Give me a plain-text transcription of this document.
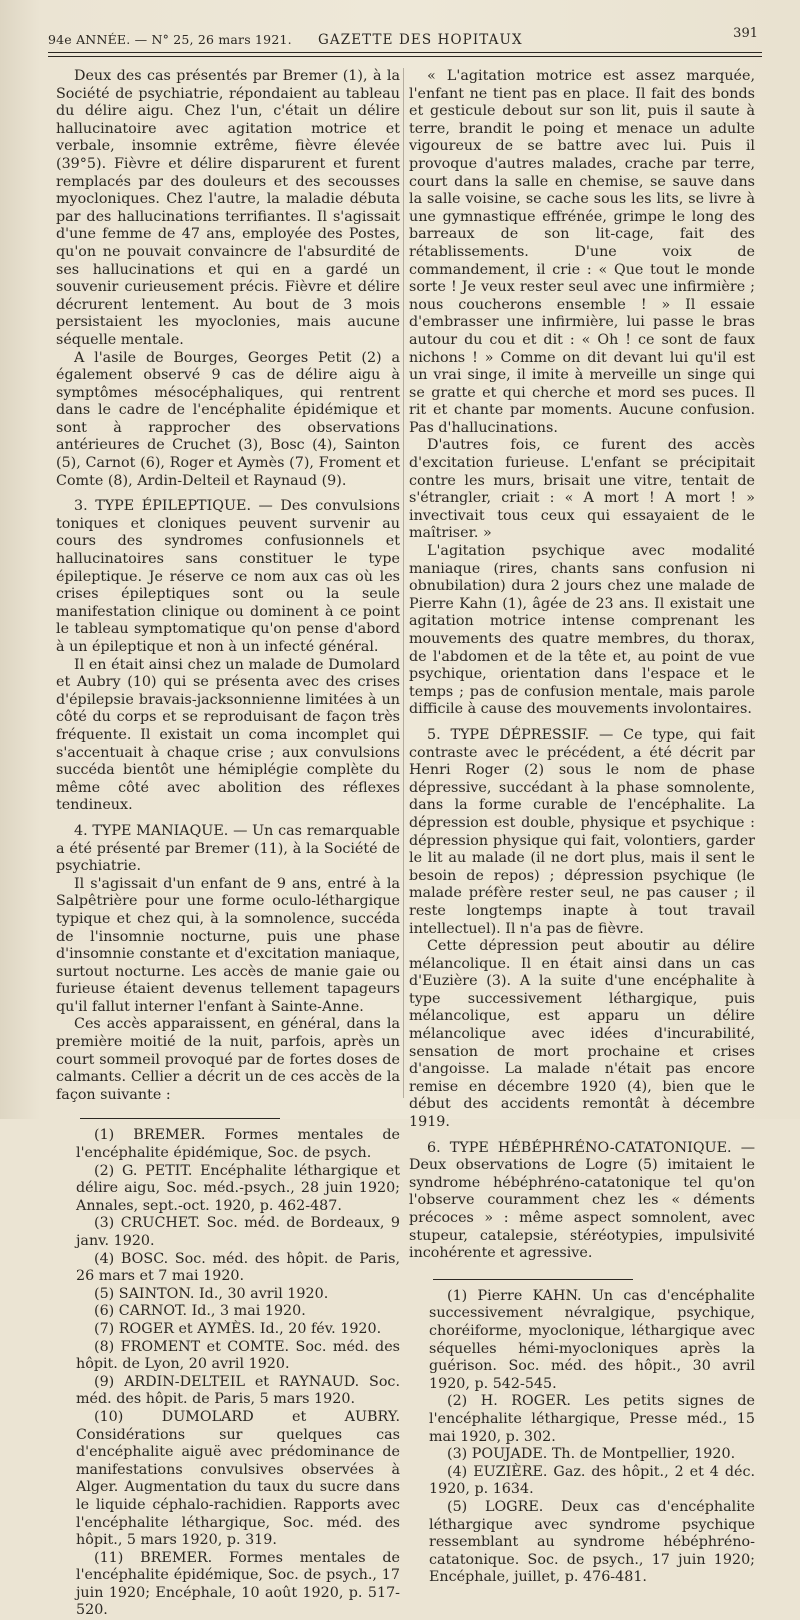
94e ANNÉE. — N° 25, 26 mars 1921. GAZETTE DES HOPITAUX	391

Deux des cas présentés par Bremer (1), à la Société de psychiatrie, répondaient au tableau du délire aigu. Chez l'un, c'était un délire hallucinatoire avec agitation motrice et verbale, insomnie extrême, fièvre élevée (39°5). Fièvre et délire disparurent et furent remplacés par des douleurs et des secousses myocloniques. Chez l'autre, la maladie débuta par des hallucinations terrifiantes. Il s'agissait d'une femme de 47 ans, employée des Postes, qu'on ne pouvait convaincre de l'absurdité de ses hallucinations et qui en a gardé un souvenir curieusement précis. Fièvre et délire décrurent lentement. Au bout de 3 mois persistaient les myoclonies, mais aucune séquelle mentale.

A l'asile de Bourges, Georges Petit (2) a également observé 9 cas de délire aigu à symptômes mésocéphaliques, qui rentrent dans le cadre de l'encéphalite épidémique et sont à rapprocher des observations antérieures de Cruchet (3), Bosc (4), Sainton (5), Carnot (6), Roger et Aymès (7), Froment et Comte (8), Ardin-Delteil et Raynaud (9).

3. TYPE ÉPILEPTIQUE. — Des convulsions toniques et cloniques peuvent survenir au cours des syndromes confusionnels et hallucinatoires sans constituer le type épileptique. Je réserve ce nom aux cas où les crises épileptiques sont ou la seule manifestation clinique ou dominent à ce point le tableau symptomatique qu'on pense d'abord à un épileptique et non à un infecté général.

Il en était ainsi chez un malade de Dumolard et Aubry (10) qui se présenta avec des crises d'épilepsie bravais-jacksonnienne limitées à un côté du corps et se reproduisant de façon très fréquente. Il existait un coma incomplet qui s'accentuait à chaque crise ; aux convulsions succéda bientôt une hémiplégie complète du même côté avec abolition des réflexes tendineux.

4. TYPE MANIAQUE. — Un cas remarquable a été présenté par Bremer (11), à la Société de psychiatrie.

Il s'agissait d'un enfant de 9 ans, entré à la Salpêtrière pour une forme oculo-léthargique typique et chez qui, à la somnolence, succéda de l'insomnie nocturne, puis une phase d'insomnie constante et d'excitation maniaque, surtout nocturne. Les accès de manie gaie ou furieuse étaient devenus tellement tapageurs qu'il fallut interner l'enfant à Sainte-Anne.

Ces accès apparaissent, en général, dans la première moitié de la nuit, parfois, après un court sommeil provoqué par de fortes doses de calmants. Cellier a décrit un de ces accès de la façon suivante :

(1) BREMER. Formes mentales de l'encéphalite épidémique, Soc. de psych.

(2) G. PETIT. Encéphalite léthargique et délire aigu, Soc. méd.-psych., 28 juin 1920; Annales, sept.-oct. 1920, p. 462-487.

(3) CRUCHET. Soc. méd. de Bordeaux, 9 janv. 1920.

(4) BOSC. Soc. méd. des hôpit. de Paris, 26 mars et 7 mai 1920.

(5) SAINTON. Id., 30 avril 1920.

(6) CARNOT. Id., 3 mai 1920.

(7) ROGER et AYMÈS. Id., 20 fév. 1920.

(8) FROMENT et COMTE. Soc. méd. des hôpit. de Lyon, 20 avril 1920.

(9) ARDIN-DELTEIL et RAYNAUD. Soc. méd. des hôpit. de Paris, 5 mars 1920.

(10) DUMOLARD et AUBRY. Considérations sur quelques cas d'encéphalite aiguë avec prédominance de manifestations convulsives observées à Alger. Augmentation du taux du sucre dans le liquide céphalo-rachidien. Rapports avec l'encéphalite léthargique, Soc. méd. des hôpit., 5 mars 1920, p. 319.

(11) BREMER. Formes mentales de l'encéphalite épidémique, Soc. de psych., 17 juin 1920; Encéphale, 10 août 1920, p. 517-520.

« L'agitation motrice est assez marquée, l'enfant ne tient pas en place. Il fait des bonds et gesticule debout sur son lit, puis il saute à terre, brandit le poing et menace un adulte vigoureux de se battre avec lui. Puis il provoque d'autres malades, crache par terre, court dans la salle en chemise, se sauve dans la salle voisine, se cache sous les lits, se livre à une gymnastique effrénée, grimpe le long des barreaux de son lit-cage, fait des rétablissements. D'une voix de commandement, il crie : « Que tout le monde sorte ! Je veux rester seul avec une infirmière ; nous coucherons ensemble ! » Il essaie d'embrasser une infirmière, lui passe le bras autour du cou et dit : « Oh ! ce sont de faux nichons ! » Comme on dit devant lui qu'il est un vrai singe, il imite à merveille un singe qui se gratte et qui cherche et mord ses puces. Il rit et chante par moments. Aucune confusion. Pas d'hallucinations.

D'autres fois, ce furent des accès d'excitation furieuse. L'enfant se précipitait contre les murs, brisait une vitre, tentait de s'étrangler, criait : « A mort ! A mort ! » invectivait tous ceux qui essayaient de le maîtriser. »

L'agitation psychique avec modalité maniaque (rires, chants sans confusion ni obnubilation) dura 2 jours chez une malade de Pierre Kahn (1), âgée de 23 ans. Il existait une agitation motrice intense comprenant les mouvements des quatre membres, du thorax, de l'abdomen et de la tête et, au point de vue psychique, orientation dans l'espace et le temps ; pas de confusion mentale, mais parole difficile à cause des mouvements involontaires.

5. TYPE DÉPRESSIF. — Ce type, qui fait contraste avec le précédent, a été décrit par Henri Roger (2) sous le nom de phase dépressive, succédant à la phase somnolente, dans la forme curable de l'encéphalite. La dépression est double, physique et psychique : dépression physique qui fait, volontiers, garder le lit au malade (il ne dort plus, mais il sent le besoin de repos) ; dépression psychique (le malade préfère rester seul, ne pas causer ; il reste longtemps inapte à tout travail intellectuel). Il n'a pas de fièvre.

Cette dépression peut aboutir au délire mélancolique. Il en était ainsi dans un cas d'Euzière (3). A la suite d'une encéphalite à type successivement léthargique, puis mélancolique, est apparu un délire mélancolique avec idées d'incurabilité, sensation de mort prochaine et crises d'angoisse. La malade n'était pas encore remise en décembre 1920 (4), bien que le début des accidents remontât à décembre 1919.

6. TYPE HÉBÉPHRÉNO-CATATONIQUE. — Deux observations de Logre (5) imitaient le syndrome hébéphréno-catatonique tel qu'on l'observe couramment chez les « déments précoces » : même aspect somnolent, avec stupeur, catalepsie, stéréotypies, impulsivité incohérente et agressive.

(1) Pierre KAHN. Un cas d'encéphalite successivement névralgique, psychique, choréiforme, myoclonique, léthargique avec séquelles hémi-myocloniques après la guérison. Soc. méd. des hôpit., 30 avril 1920, p. 542-545.

(2) H. ROGER. Les petits signes de l'encéphalite léthargique, Presse méd., 15 mai 1920, p. 302.

(3) POUJADE. Th. de Montpellier, 1920.

(4) EUZIÈRE. Gaz. des hôpit., 2 et 4 déc. 1920, p. 1634.

(5) LOGRE. Deux cas d'encéphalite léthargique avec syndrome psychique ressemblant au syndrome hébéphréno-catatonique. Soc. de psych., 17 juin 1920; Encéphale, juillet, p. 476-481.
